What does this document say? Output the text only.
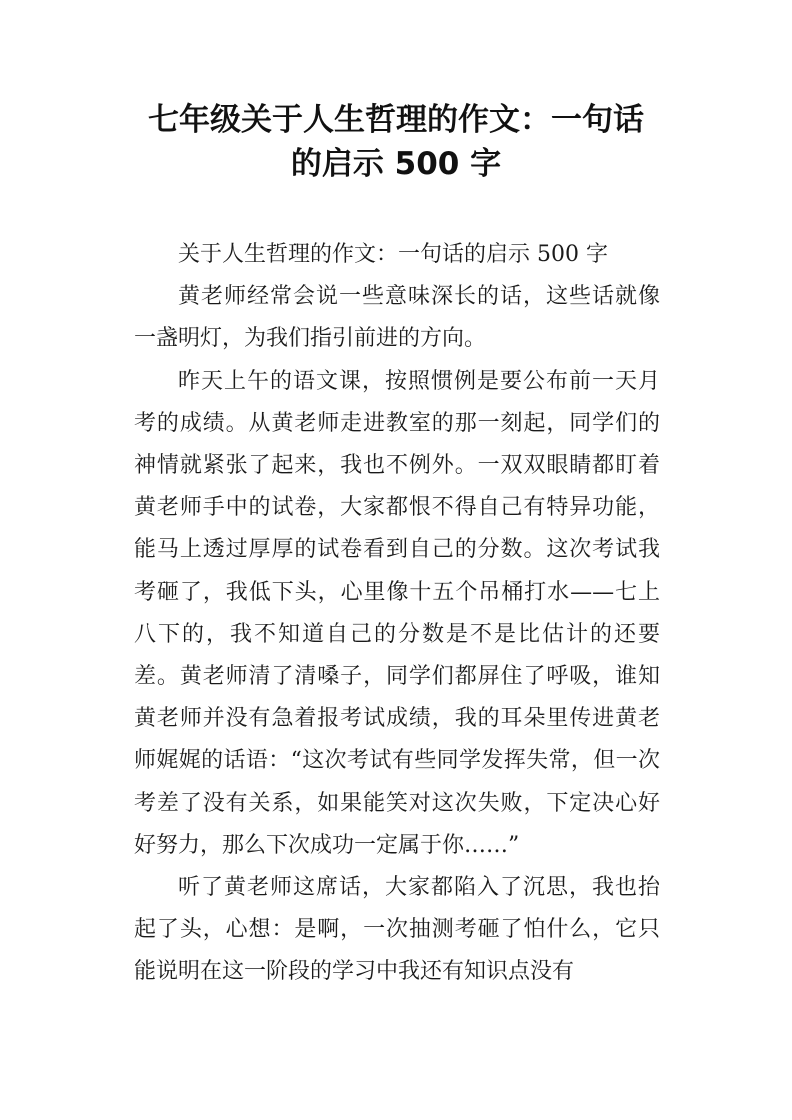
七年级关于人生哲理的作文：一句话
的启示 500 字

关于人生哲理的作文：一句话的启示 500 字

黄老师经常会说一些意味深长的话，这些话就像一盏明灯，为我们指引前进的方向。

昨天上午的语文课，按照惯例是要公布前一天月考的成绩。从黄老师走进教室的那一刻起，同学们的神情就紧张了起来，我也不例外。一双双眼睛都盯着黄老师手中的试卷，大家都恨不得自己有特异功能，能马上透过厚厚的试卷看到自己的分数。这次考试我考砸了，我低下头，心里像十五个吊桶打水——七上八下的，我不知道自己的分数是不是比估计的还要差。黄老师清了清嗓子，同学们都屏住了呼吸，谁知黄老师并没有急着报考试成绩，我的耳朵里传进黄老师娓娓的话语：“这次考试有些同学发挥失常，但一次考差了没有关系，如果能笑对这次失败，下定决心好好努力，那么下次成功一定属于你……”

听了黄老师这席话，大家都陷入了沉思，我也抬起了头，心想：是啊，一次抽测考砸了怕什么，它只能说明在这一阶段的学习中我还有知识点没有
